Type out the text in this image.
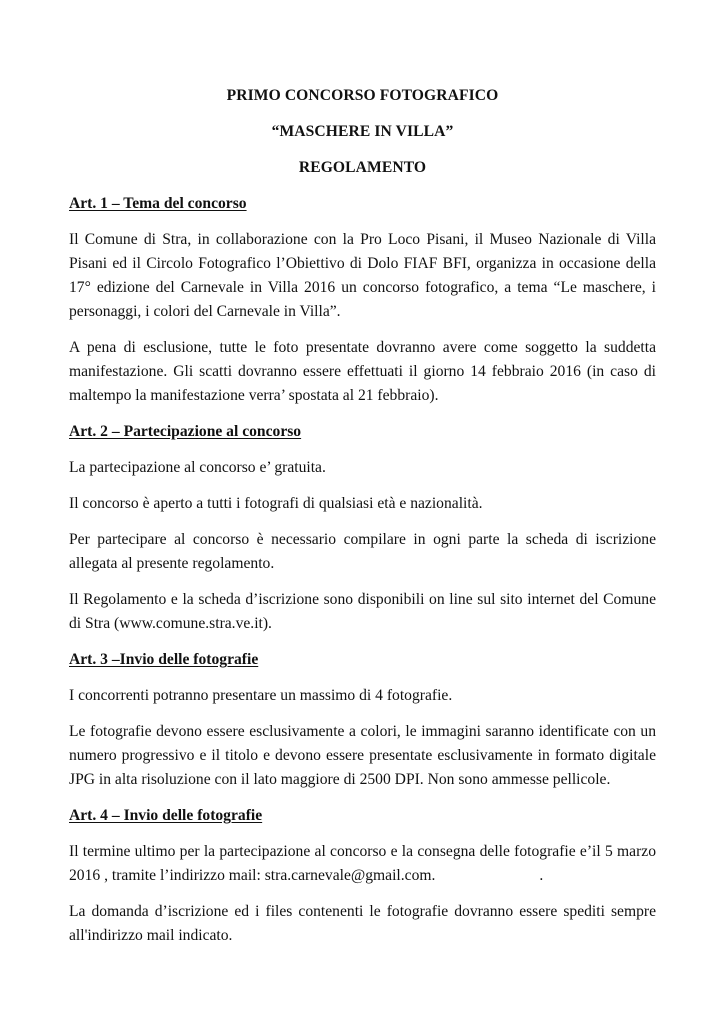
PRIMO CONCORSO FOTOGRAFICO
“MASCHERE IN VILLA”
REGOLAMENTO
Art. 1 – Tema del concorso

Il Comune di Stra, in collaborazione con la Pro Loco Pisani, il Museo Nazionale di Villa Pisani ed il Circolo Fotografico l’Obiettivo di Dolo FIAF BFI, organizza in occasione della 17° edizione del Carnevale in Villa 2016 un concorso fotografico, a tema “Le maschere, i personaggi, i colori del Carnevale in Villa”.

A pena di esclusione, tutte le foto presentate dovranno avere come soggetto la suddetta manifestazione. Gli scatti dovranno essere effettuati il giorno 14 febbraio 2016 (in caso di maltempo la manifestazione verra’ spostata al 21 febbraio).

Art. 2 – Partecipazione al concorso

La partecipazione al concorso e’ gratuita.

Il concorso è aperto a tutti i fotografi di qualsiasi età e nazionalità.

Per partecipare al concorso è necessario compilare in ogni parte la scheda di iscrizione allegata al presente regolamento.

Il Regolamento e la scheda d’iscrizione sono disponibili on line sul sito internet del Comune di Stra (www.comune.stra.ve.it).

Art. 3 –Invio delle fotografie

I concorrenti potranno presentare un massimo di 4 fotografie.

Le fotografie devono essere esclusivamente a colori, le immagini saranno identificate con un numero progressivo e il titolo e devono essere presentate esclusivamente in formato digitale JPG in alta risoluzione con il lato maggiore di 2500 DPI. Non sono ammesse pellicole.

Art. 4 – Invio delle fotografie

Il termine ultimo per la partecipazione al concorso e la consegna delle fotografie e’il 5 marzo 2016 , tramite l’indirizzo mail: stra.carnevale@gmail.com.	.

La domanda d’iscrizione ed i files contenenti le fotografie dovranno essere spediti sempre all'indirizzo mail indicato.
